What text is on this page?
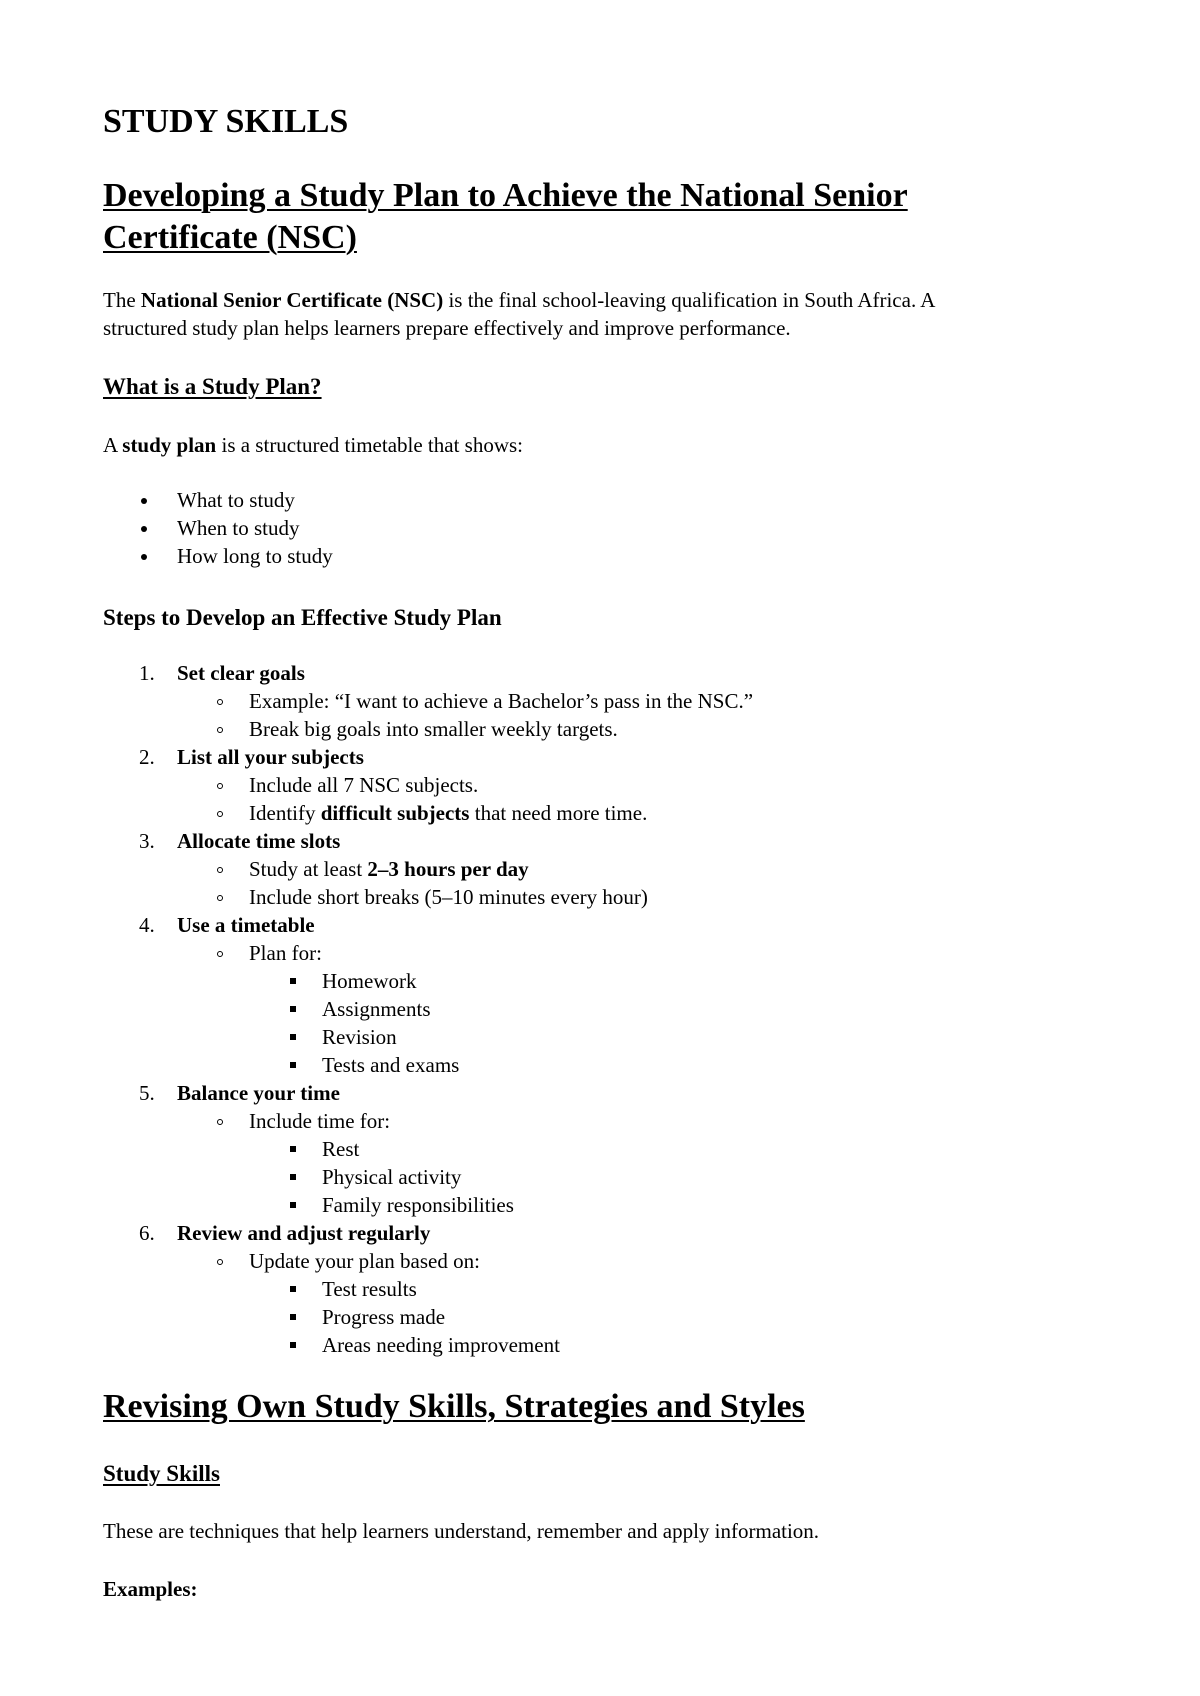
STUDY SKILLS
Developing a Study Plan to Achieve the National Senior
Certificate (NSC)

The National Senior Certificate (NSC) is the final school-leaving qualification in South Africa. A
structured study plan helps learners prepare effectively and improve performance.

What is a Study Plan?

A study plan is a structured timetable that shows:

What to study
When to study
How long to study
Steps to Develop an Effective Study Plan
1. Set clear goals
Example: “I want to achieve a Bachelor’s pass in the NSC.”
Break big goals into smaller weekly targets.
2. List all your subjects
Include all 7 NSC subjects.
Identify difficult subjects that need more time.
3. Allocate time slots
Study at least 2–3 hours per day
Include short breaks (5–10 minutes every hour)
4. Use a timetable
Plan for:
Homework
Assignments
Revision
Tests and exams
5. Balance your time
Include time for:
Rest
Physical activity
Family responsibilities
6. Review and adjust regularly
Update your plan based on:
Test results
Progress made
Areas needing improvement
Revising Own Study Skills, Strategies and Styles
Study Skills

These are techniques that help learners understand, remember and apply information.

Examples:
